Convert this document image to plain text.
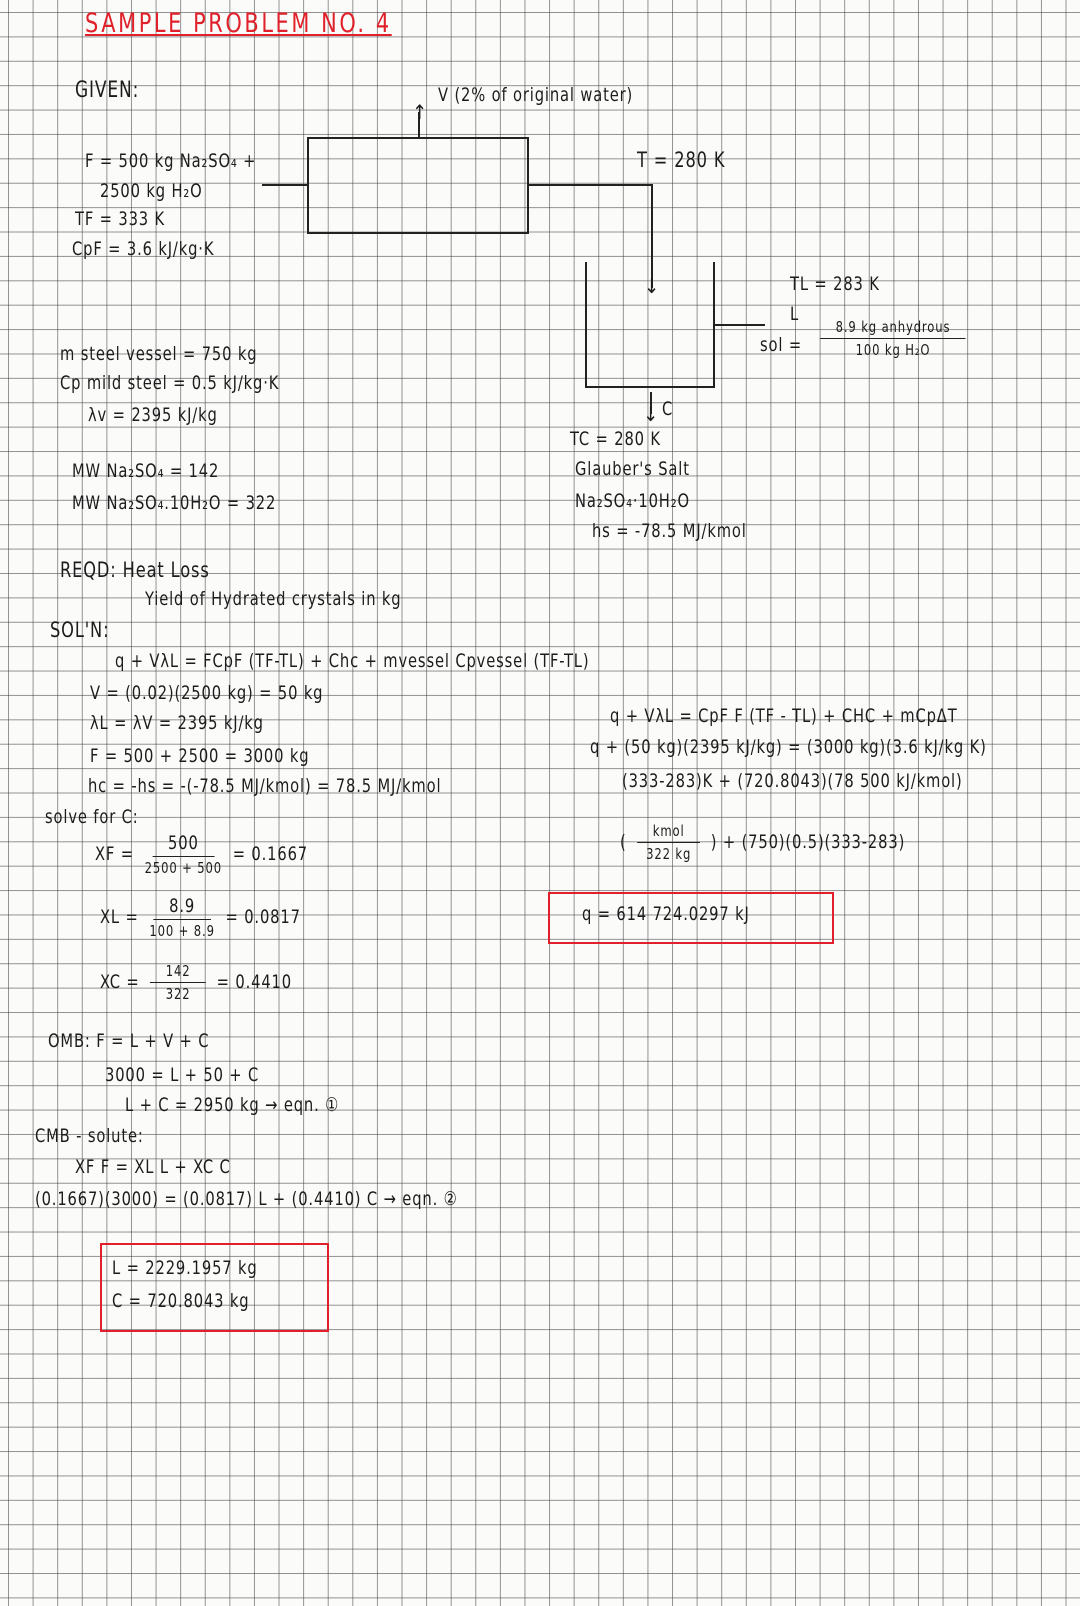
SAMPLE PROBLEM NO. 4
GIVEN:	V (2% of original water)
↑
↓
F = 500 kg Na₂SO₄ +
2500 kg H₂O
TF = 333 K
CpF = 3.6 kJ/kg·K
T = 280 K
↓
TL = 283 K
L
sol = $\frac{\text{8.9 kg anhydrous}}{\text{100 kg H₂O}}$
C
TC = 280 K
Glauber's Salt
Na₂SO₄·10H₂O
hs = -78.5 MJ/kmol
m steel vessel = 750 kg
Cp mild steel = 0.5 kJ/kg·K
λv = 2395 kJ/kg
MW Na₂SO₄ = 142
MW Na₂SO₄.10H₂O = 322
REQD: Heat Loss
Yield of Hydrated crystals in kg
SOL'N:
q + VλL = FCpF (TF-TL) + Chc + mvessel Cpvessel (TF-TL)
V = (0.02)(2500 kg) = 50 kg
λL = λV = 2395 kJ/kg
F = 500 + 2500 = 3000 kg
hc = -hs = -(-78.5 MJ/kmol) = 78.5 MJ/kmol
solve for C:
XF = $\frac{500}{2500 + 500} = 0.1667$
XL = $\frac{8.9}{100 + 8.9} = 0.0817$
XC = $\frac{142}{322} = 0.4410$
q + VλL = CpF F (TF - TL) + CHC + mCpΔT
q + (50 kg)(2395 kJ/kg) = (3000 kg)(3.6 kJ/kg K)
(333-283)K + (720.8043)(78 500 kJ/kmol)
( $\frac{\text{kmol}}{322 kg}$ ) + (750)(0.5)(333-283)
q = 614 724.0297 kJ
OMB: F = L + V + C
3000 = L + 50 + C
L + C = 2950 kg → eqn. ①
CMB - solute:
XF F = XL L + XC C
(0.1667)(3000) = (0.0817) L + (0.4410) C → eqn. ②
L = 2229.1957 kg
C = 720.8043 kg
